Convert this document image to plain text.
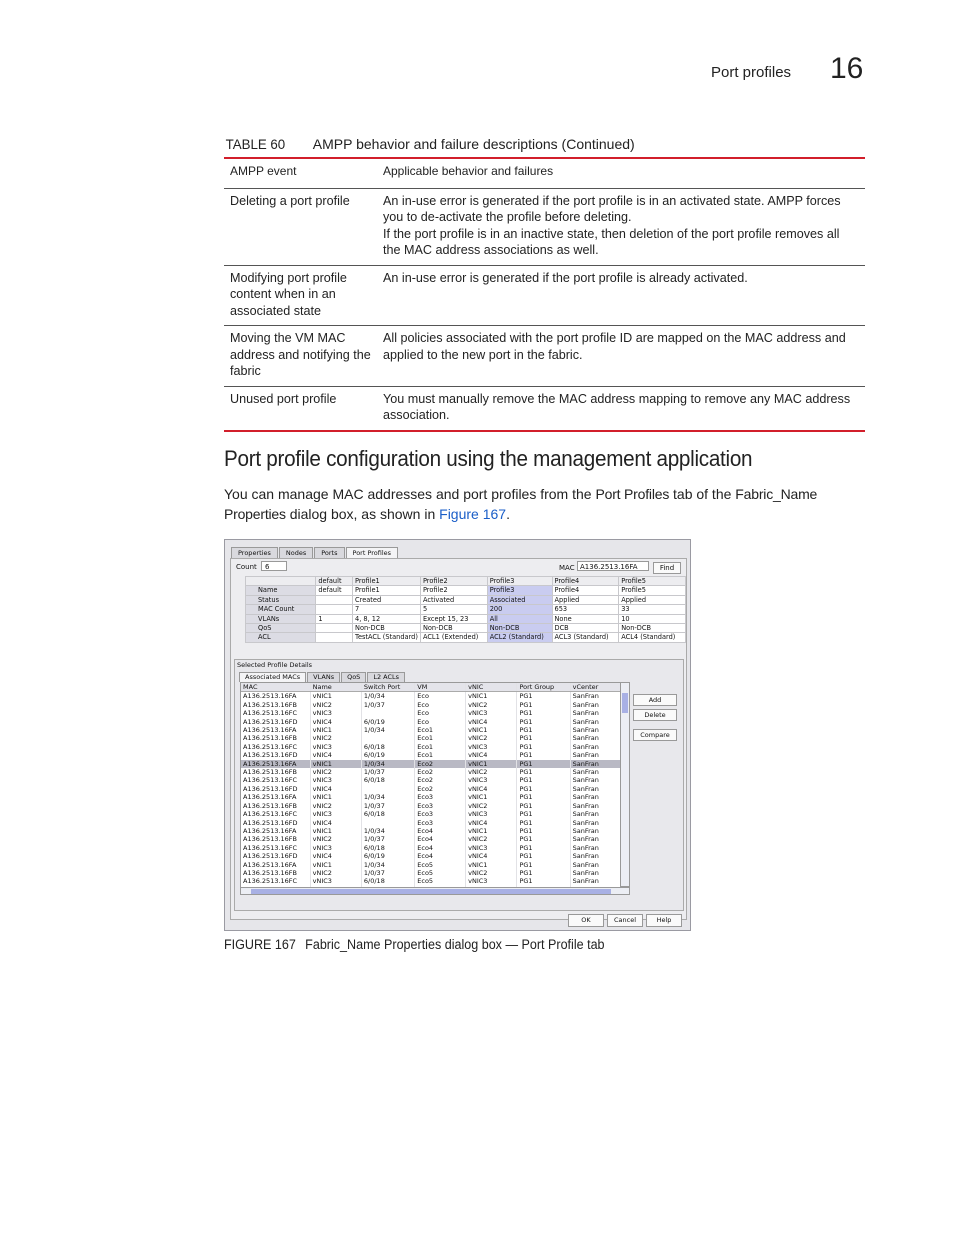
Port profiles 16
TABLE 60 AMPP behavior and failure descriptions (Continued)
AMPP event	Applicable behavior and failures
Deleting a port profile	An in-use error is generated if the port profile is in an activated state. AMPP forces you to de-activate the profile before deleting.

If the port profile is in an inactive state, then deletion of the port profile removes all the MAC address associations as well.

Modifying port profile content when in an associated state	An in-use error is generated if the port profile is already activated.

Moving the VM MAC address and notifying the fabric	All policies associated with the port profile ID are mapped on the MAC address and applied to the new port in the fabric.

Unused port profile	You must manually remove the MAC address mapping to remove any MAC address association.

Port profile configuration using the management application
You can manage MAC addresses and port profiles from the Port Profiles tab of the Fabric_Name Properties dialog box, as shown in Figure 167.
Properties	Nodes	Ports	Port Profiles
Count	6	MAC A136.2513.16FA	Find
	default	Profile1	Profile2	Profile3	Profile4	Profile5
Name	default	Profile1	Profile2	Profile3	Profile4	Profile5
Status		Created	Activated	Associated	Applied	Applied
MAC Count		7	5	200	653	33
VLANs	1	4, 8, 12	Except 15, 23	All	None	10
QoS		Non-DCB	Non-DCB	Non-DCB	DCB	Non-DCB
ACL		TestACL (Standard)	ACL1 (Extended)	ACL2 (Standard)	ACL3 (Standard)	ACL4 (Standard)
Selected Profile Details
Associated MACs	VLANs	QoS	L2 ACLs
MAC	Name	Switch Port	VM	vNIC	Port Group	vCenter
A136.2513.16FA	vNIC1	1/0/34	Eco	vNIC1	PG1	SanFran
A136.2513.16FB	vNIC2	1/0/37	Eco	vNIC2	PG1	SanFran
A136.2513.16FC	vNIC3		Eco	vNIC3	PG1	SanFran
A136.2513.16FD	vNIC4	6/0/19	Eco	vNIC4	PG1	SanFran
A136.2513.16FA	vNIC1	1/0/34	Eco1	vNIC1	PG1	SanFran
A136.2513.16FB	vNIC2		Eco1	vNIC2	PG1	SanFran
A136.2513.16FC	vNIC3	6/0/18	Eco1	vNIC3	PG1	SanFran
A136.2513.16FD	vNIC4	6/0/19	Eco1	vNIC4	PG1	SanFran
A136.2513.16FA	vNIC1	1/0/34	Eco2	vNIC1	PG1	SanFran
A136.2513.16FB	vNIC2	1/0/37	Eco2	vNIC2	PG1	SanFran
A136.2513.16FC	vNIC3	6/0/18	Eco2	vNIC3	PG1	SanFran
A136.2513.16FD	vNIC4		Eco2	vNIC4	PG1	SanFran
A136.2513.16FA	vNIC1	1/0/34	Eco3	vNIC1	PG1	SanFran
A136.2513.16FB	vNIC2	1/0/37	Eco3	vNIC2	PG1	SanFran
A136.2513.16FC	vNIC3	6/0/18	Eco3	vNIC3	PG1	SanFran
A136.2513.16FD	vNIC4		Eco3	vNIC4	PG1	SanFran
A136.2513.16FA	vNIC1	1/0/34	Eco4	vNIC1	PG1	SanFran
A136.2513.16FB	vNIC2	1/0/37	Eco4	vNIC2	PG1	SanFran
A136.2513.16FC	vNIC3	6/0/18	Eco4	vNIC3	PG1	SanFran
A136.2513.16FD	vNIC4	6/0/19	Eco4	vNIC4	PG1	SanFran
A136.2513.16FA	vNIC1	1/0/34	Eco5	vNIC1	PG1	SanFran
A136.2513.16FB	vNIC2	1/0/37	Eco5	vNIC2	PG1	SanFran
A136.2513.16FC	vNIC3	6/0/18	Eco5	vNIC3	PG1	SanFran

Add
Delete
Compare
OK	Cancel	Help
FIGURE 167 Fabric_Name Properties dialog box — Port Profile tab
